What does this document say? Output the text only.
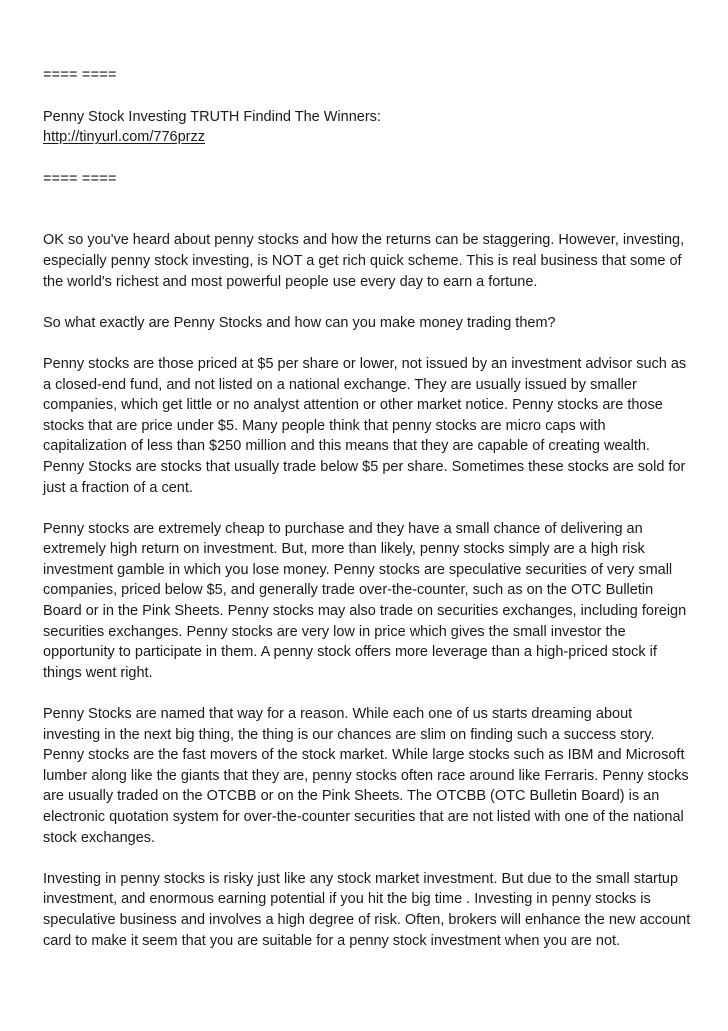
==== ====

Penny Stock Investing TRUTH Findind The Winners:

http://tinyurl.com/776przz

==== ====

OK so you've heard about penny stocks and how the returns can be staggering. However, investing, especially penny stock investing, is NOT a get rich quick scheme. This is real business that some of the world's richest and most powerful people use every day to earn a fortune.

So what exactly are Penny Stocks and how can you make money trading them?

Penny stocks are those priced at $5 per share or lower, not issued by an investment advisor such as a closed-end fund, and not listed on a national exchange. They are usually issued by smaller companies, which get little or no analyst attention or other market notice. Penny stocks are those stocks that are price under $5. Many people think that penny stocks are micro caps with capitalization of less than $250 million and this means that they are capable of creating wealth. Penny Stocks are stocks that usually trade below $5 per share. Sometimes these stocks are sold for just a fraction of a cent.

Penny stocks are extremely cheap to purchase and they have a small chance of delivering an extremely high return on investment. But, more than likely, penny stocks simply are a high risk investment gamble in which you lose money. Penny stocks are speculative securities of very small companies, priced below $5, and generally trade over-the-counter, such as on the OTC Bulletin Board or in the Pink Sheets. Penny stocks may also trade on securities exchanges, including foreign securities exchanges. Penny stocks are very low in price which gives the small investor the opportunity to participate in them. A penny stock offers more leverage than a high-priced stock if things went right.

Penny Stocks are named that way for a reason. While each one of us starts dreaming about investing in the next big thing, the thing is our chances are slim on finding such a success story. Penny stocks are the fast movers of the stock market. While large stocks such as IBM and Microsoft lumber along like the giants that they are, penny stocks often race around like Ferraris. Penny stocks are usually traded on the OTCBB or on the Pink Sheets. The OTCBB (OTC Bulletin Board) is an electronic quotation system for over-the-counter securities that are not listed with one of the national stock exchanges.

Investing in penny stocks is risky just like any stock market investment. But due to the small startup investment, and enormous earning potential if you hit the big time . Investing in penny stocks is speculative business and involves a high degree of risk. Often, brokers will enhance the new account card to make it seem that you are suitable for a penny stock investment when you are not.
